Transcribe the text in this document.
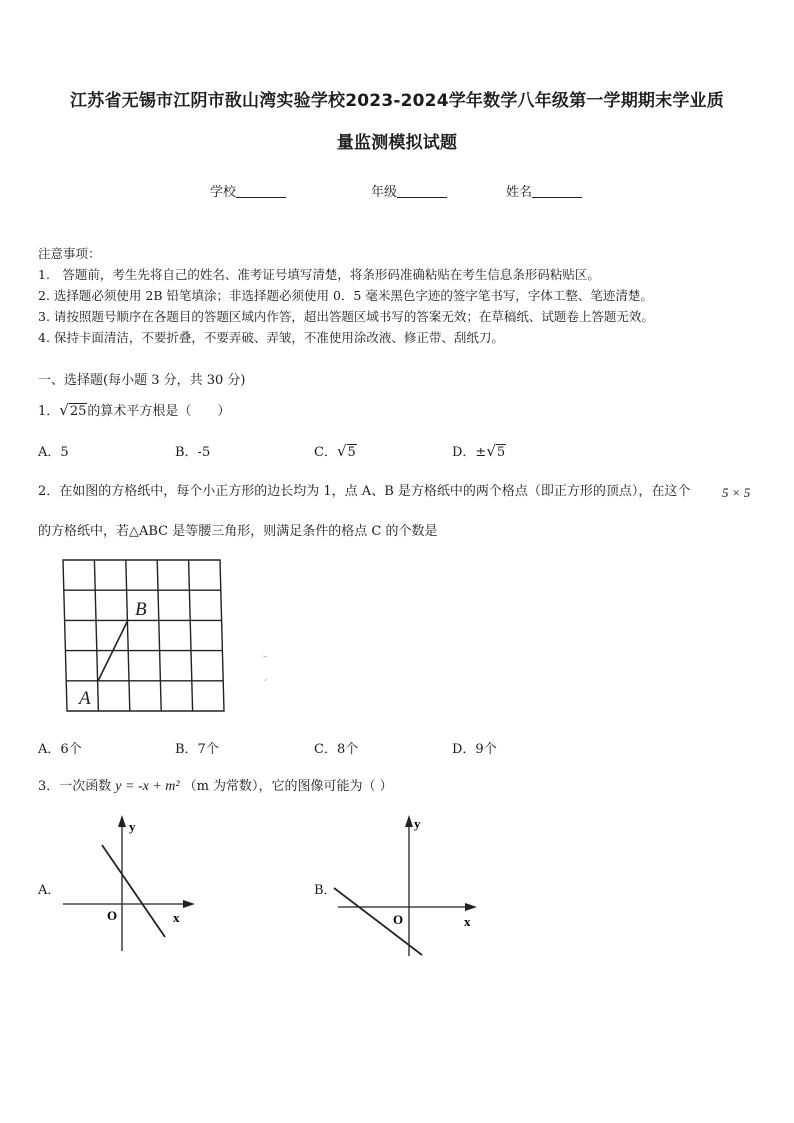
江苏省无锡市江阴市敔山湾实验学校2023-2024学年数学八年级第一学期期末学业质
量监测模拟试题
学校	年级	姓名
注意事项：
1.　答题前，考生先将自己的姓名、准考证号填写清楚，将条形码准确粘贴在考生信息条形码粘贴区。
2. 选择题必须使用 2B 铅笔填涂；非选择题必须使用 0．5 毫米黑色字迹的签字笔书写，字体工整、笔迹清楚。
3. 请按照题号顺序在各题目的答题区域内作答，超出答题区域书写的答案无效；在草稿纸、试题卷上答题无效。
4. 保持卡面清洁，不要折叠，不要弄破、弄皱，不准使用涂改液、修正带、刮纸刀。
一、选择题(每小题 3 分，共 30 分)
1．√25的算术平方根是（　　）
A．5	B．-5	C．√5	D．±√5
2．在如图的方格纸中，每个小正方形的边长均为 1，点 A、B 是方格纸中的两个格点（即正方形的顶点），在这个	5 × 5
的方格纸中，若△ABC 是等腰三角形，则满足条件的格点 C 的个数是
A
B
A．6个	B．7个	C．8个	D．9个
3．一次函数 y = -x + m² （m 为常数），它的图像可能为（ ）
A．
y
x
O
B．
y
x
O
